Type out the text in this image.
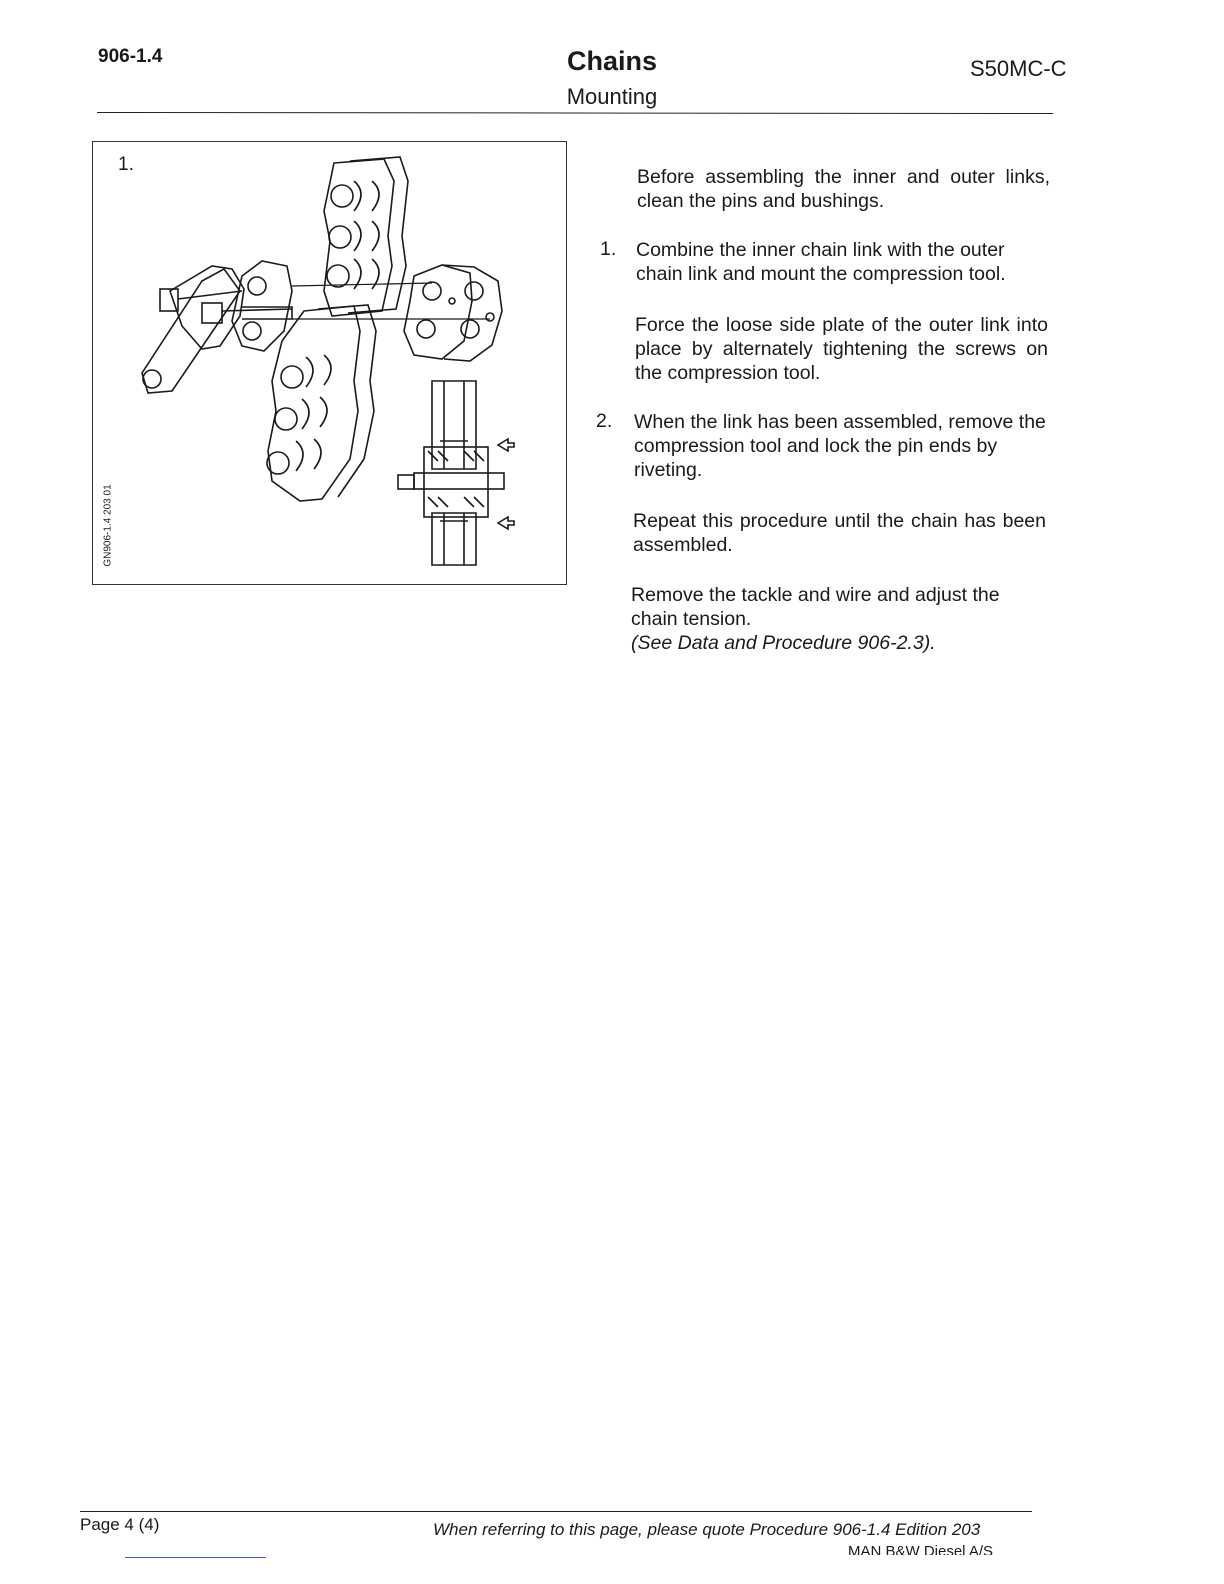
906-1.4	Chains
Mounting
S50MC-C
1.
GN906-1.4 203 01
Before assembling the inner and outer links, clean the pins and bushings.
1. Combine the inner chain link with the outer chain link and mount the compression tool.
Force the loose side plate of the outer link into place by alternately tightening the screws on the compression tool.
2. When the link has been assembled, remove the compression tool and lock the pin ends by riveting.
Repeat this procedure until the chain has been assembled.
Remove the tackle and wire and adjust the chain tension.
(See Data and Procedure 906-2.3).
Page 4 (4)	When referring to this page, please quote Procedure 906-1.4 Edition 203
MAN B&W Diesel A/S
